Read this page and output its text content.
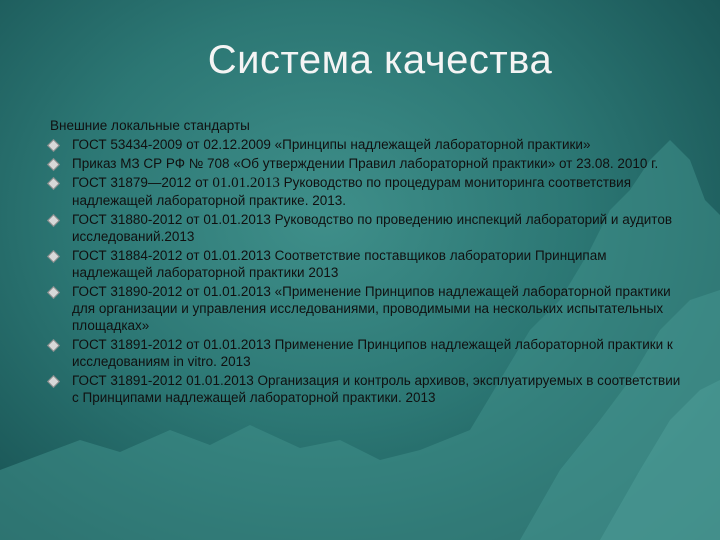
Система качества
Внешние локальные стандарты
ГОСТ 53434-2009 от 02.12.2009 «Принципы надлежащей лабораторной практики»
Приказ МЗ СР РФ № 708 «Об утверждении Правил лабораторной практики» от 23.08. 2010 г.
ГОСТ 31879—2012 от 01.01.2013 Руководство по процедурам мониторинга соответствия надлежащей лабораторной практике. 2013.
ГОСТ 31880-2012 от 01.01.2013 Руководство по проведению инспекций лабораторий и аудитов исследований.2013
ГОСТ 31884-2012 от 01.01.2013 Соответствие поставщиков лаборатории Принципам надлежащей лабораторной практики 2013
ГОСТ 31890-2012 от 01.01.2013 «Применение Принципов надлежащей лабораторной практики для организации и управления исследованиями, проводимыми на нескольких испытательных площадках»
ГОСТ 31891-2012 от 01.01.2013 Применение Принципов надлежащей лабораторной практики к исследованиям in vitro. 2013
ГОСТ 31891-2012 01.01.2013 Организация и контроль архивов, эксплуатируемых в соответствии с Принципами надлежащей лабораторной практики. 2013
